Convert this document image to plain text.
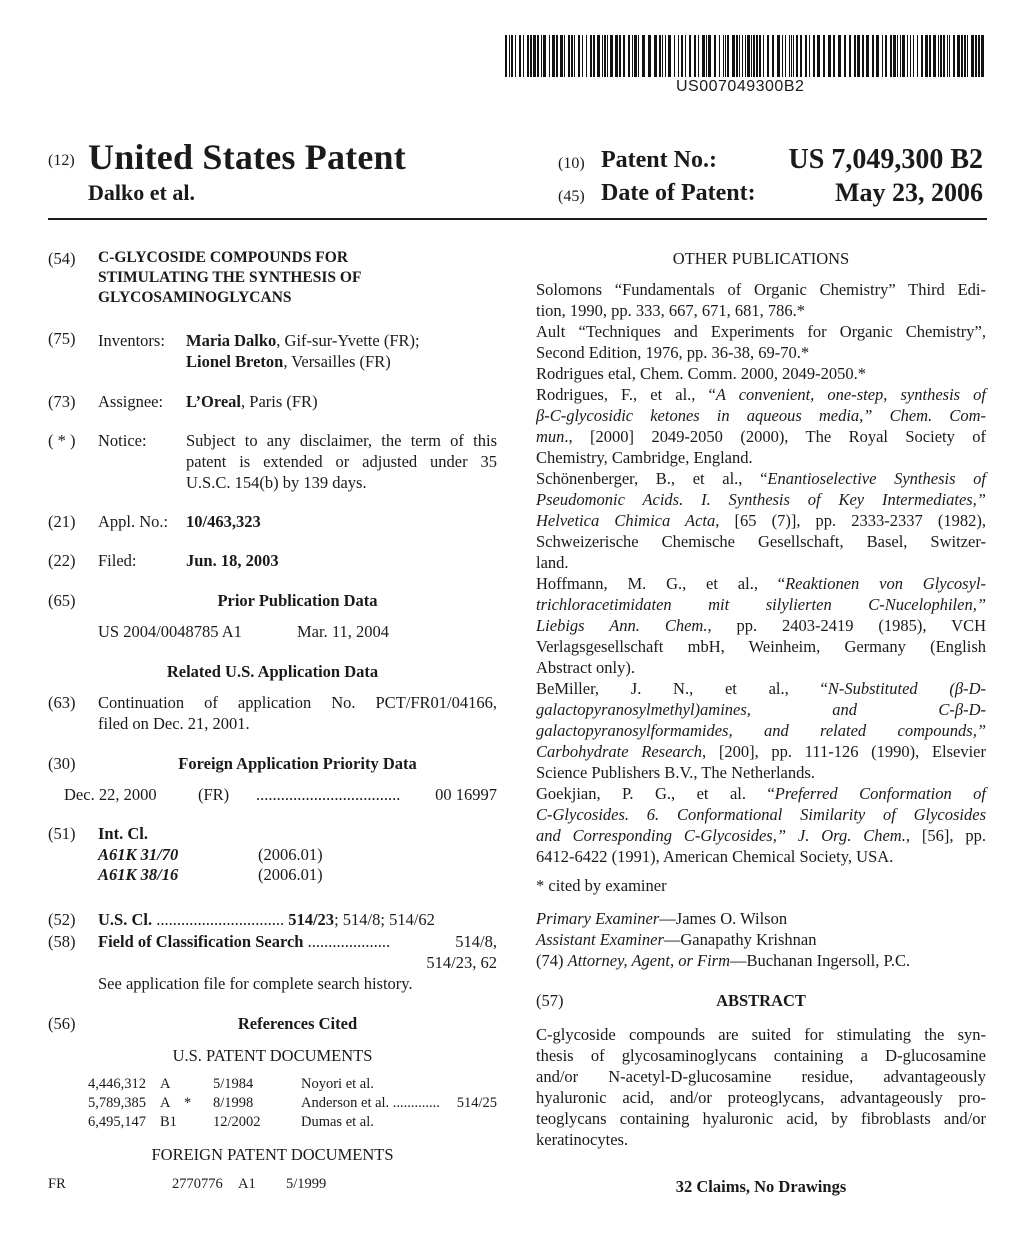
US007049300B2
(12) United States Patent
Dalko et al.
(10) Patent No.:	US 7,049,300 B2
(45) Date of Patent:	May 23, 2006
(54) C-GLYCOSIDE COMPOUNDS FOR
STIMULATING THE SYNTHESIS OF
GLYCOSAMINOGLYCANS
(75) Inventors: Maria Dalko, Gif-sur-Yvette (FR);
Lionel Breton, Versailles (FR)
(73) Assignee: L’Oreal, Paris (FR)
( * ) Notice: Subject to any disclaimer, the term of this
patent is extended or adjusted under 35
U.S.C. 154(b) by 139 days.
(21) Appl. No.: 10/463,323
(22) Filed:	Jun. 18, 2003
(65)	Prior Publication Data
US 2004/0048785 A1	Mar. 11, 2004
Related U.S. Application Data
(63) Continuation of application No. PCT/FR01/04166,
filed on Dec. 21, 2001.
(30)	Foreign Application Priority Data
Dec. 22, 2000	(FR) ................................... 00 16997
(51) Int. Cl.
A61K 31/70	(2006.01)
A61K 38/16	(2006.01)
(52) U.S. Cl. ............................... 514/23; 514/8; 514/62
(58) Field of Classification Search ....................	514/8,
514/23, 62
See application file for complete search history.
(56)	References Cited
U.S. PATENT DOCUMENTS
4,446,312 A	5/1984	Noyori et al.
5,789,385 A * 8/1998	Anderson et al. ............. 514/25
6,495,147 B1 12/2002	Dumas et al.
FOREIGN PATENT DOCUMENTS
FR	2770776 A1 5/1999
OTHER PUBLICATIONS
Solomons “Fundamentals of Organic Chemistry” Third Edi-
tion, 1990, pp. 333, 667, 671, 681, 786.*
Ault “Techniques and Experiments for Organic Chemistry”,
Second Edition, 1976, pp. 36-38, 69-70.*
Rodrigues etal, Chem. Comm. 2000, 2049-2050.*
Rodrigues, F., et al., “A convenient, one-step, synthesis of
β-C-glycosidic ketones in aqueous media,” Chem. Com-
mun., [2000] 2049-2050 (2000), The Royal Society of
Chemistry, Cambridge, England.
Schönenberger, B., et al., “Enantioselective Synthesis of
Pseudomonic Acids. I. Synthesis of Key Intermediates,”
Helvetica Chimica Acta, [65 (7)], pp. 2333-2337 (1982),
Schweizerische Chemische Gesellschaft, Basel, Switzer-
land.
Hoffmann, M. G., et al., “Reaktionen von Glycosyl-
trichloracetimidaten mit silylierten C-Nucelophilen,”
Liebigs Ann. Chem., pp. 2403-2419 (1985), VCH
Verlagsgesellschaft mbH, Weinheim, Germany (English
Abstract only).
BeMiller, J. N., et al., “N-Substituted (β-D-
galactopyranosylmethyl)amines, and C-β-D-
galactopyranosylformamides, and related compounds,”
Carbohydrate Research, [200], pp. 111-126 (1990), Elsevier
Science Publishers B.V., The Netherlands.
Goekjian, P. G., et al. “Preferred Conformation of
C-Glycosides. 6. Conformational Similarity of Glycosides
and Corresponding C-Glycosides,” J. Org. Chem., [56], pp.
6412-6422 (1991), American Chemical Society, USA.
* cited by examiner
Primary Examiner—James O. Wilson
Assistant Examiner—Ganapathy Krishnan
(74) Attorney, Agent, or Firm—Buchanan Ingersoll, P.C.
(57)	ABSTRACT
C-glycoside compounds are suited for stimulating the syn-
thesis of glycosaminoglycans containing a D-glucosamine
and/or N-acetyl-D-glucosamine residue, advantageously
hyaluronic acid, and/or proteoglycans, advantageously pro-
teoglycans containing hyaluronic acid, by fibroblasts and/or
keratinocytes.
32 Claims, No Drawings
